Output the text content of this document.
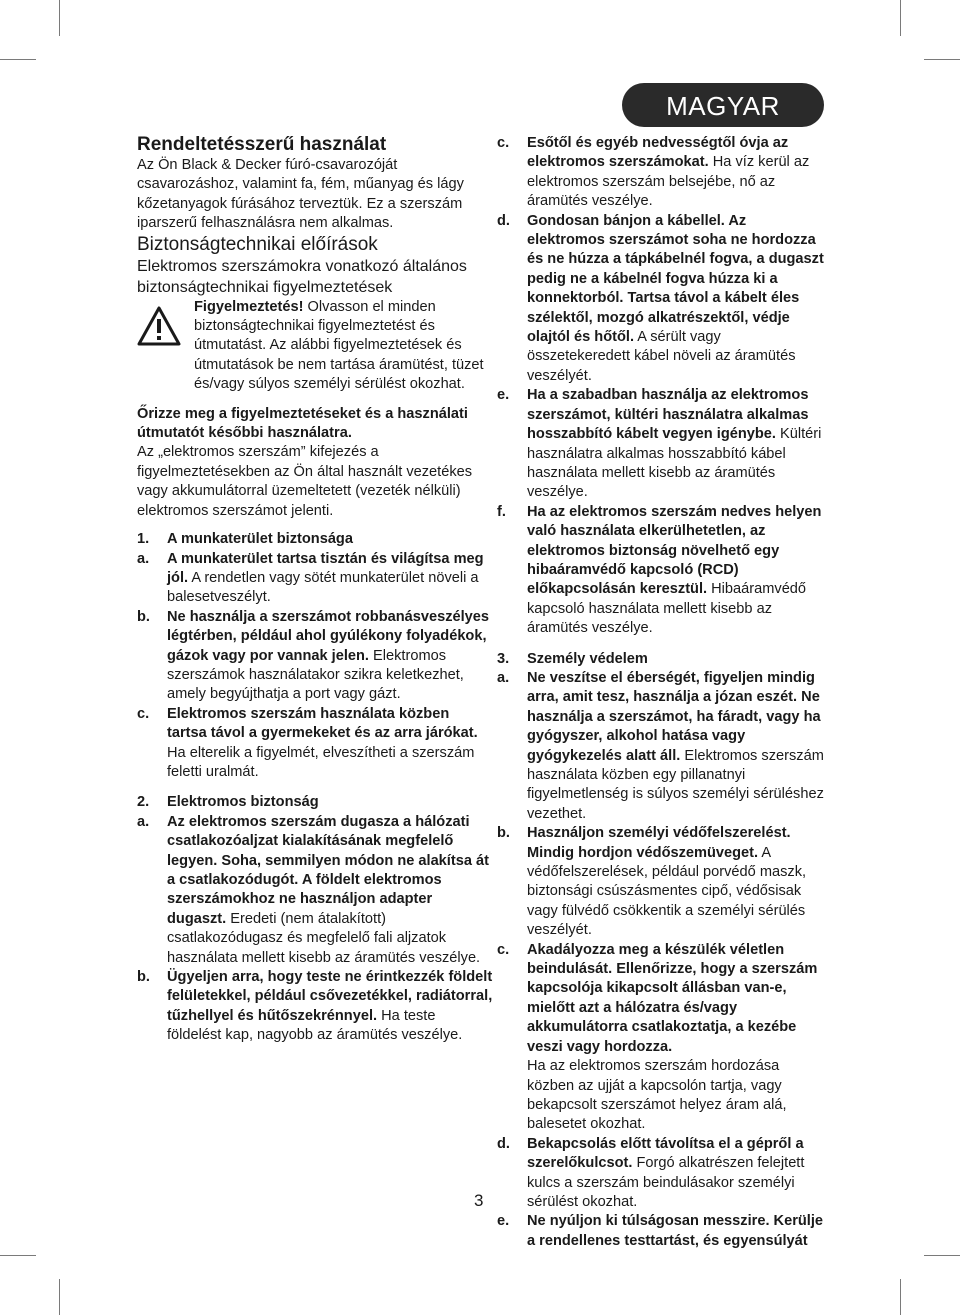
MAGYAR

Rendeltetésszerű használat

Az Ön Black & Decker fúró-csavarozóját csavarozáshoz, valamint fa, fém, műanyag és lágy kőzetanyagok fúrásához terveztük. Ez a szerszám iparszerű felhasználásra nem alkalmas.

Biztonságtechnikai előírások

Elektromos szerszámokra vonatkozó általános biztonságtechnikai figyelmeztetések

Figyelmeztetés! Olvasson el minden biztonságtechnikai figyelmeztetést és útmutatást. Az alábbi figyelmeztetések és útmutatások be nem tartása áramütést, tüzet és/vagy súlyos személyi sérülést okozhat.

Őrizze meg a figyelmeztetéseket és a használati útmutatót későbbi használatra.

Az „elektromos szerszám” kifejezés a figyelmeztetésekben az Ön által használt vezetékes vagy akkumulátorral üzemeltetett (vezeték nélküli) elektromos szerszámot jelenti.

1. A munkaterület biztonsága
a. A munkaterület tartsa tisztán és világítsa meg jól. A rendetlen vagy sötét munkaterület növeli a balesetveszélyt.
b. Ne használja a szerszámot robbanásveszélyes légtérben, például ahol gyúlékony folyadékok, gázok vagy por vannak jelen. Elektromos szerszámok használatakor szikra keletkezhet, amely begyújthatja a port vagy gázt.
c. Elektromos szerszám használata közben tartsa távol a gyermekeket és az arra járókat. Ha elterelik a figyelmét, elveszítheti a szerszám feletti uralmát.
2. Elektromos biztonság
a. Az elektromos szerszám dugasza a hálózati csatlakozóaljzat kialakításának megfelelő legyen. Soha, semmilyen módon ne alakítsa át a csatlakozódugót. A földelt elektromos szerszámokhoz ne használjon adapter dugaszt. Eredeti (nem átalakított) csatlakozódugasz és megfelelő fali aljzatok használata mellett kisebb az áramütés veszélye.
b. Ügyeljen arra, hogy teste ne érintkezzék földelt felületekkel, például csővezetékkel, radiátorral, tűzhellyel és hűtőszekrénnyel. Ha teste földelést kap, nagyobb az áramütés veszélye.
c. Esőtől és egyéb nedvességtől óvja az elektromos szerszámokat. Ha víz kerül az elektromos szerszám belsejébe, nő az áramütés veszélye.
d. Gondosan bánjon a kábellel. Az elektromos szerszámot soha ne hordozza és ne húzza a tápkábelnél fogva, a dugaszt pedig ne a kábelnél fogva húzza ki a konnektorból. Tartsa távol a kábelt éles szélektől, mozgó alkatrészektől, védje olajtól és hőtől. A sérült vagy összetekeredett kábel növeli az áramütés veszélyét.
e. Ha a szabadban használja az elektromos szerszámot, kültéri használatra alkalmas hosszabbító kábelt vegyen igénybe. Kültéri használatra alkalmas hosszabbító kábel használata mellett kisebb az áramütés veszélye.
f. Ha az elektromos szerszám nedves helyen való használata elkerülhetetlen, az elektromos biztonság növelhető egy hibaáramvédő kapcsoló (RCD) előkapcsolásán keresztül. Hibaáramvédő kapcsoló használata mellett kisebb az áramütés veszélye.
3. Személy védelem
a. Ne veszítse el éberségét, figyeljen mindig arra, amit tesz, használja a józan eszét. Ne használja a szerszámot, ha fáradt, vagy ha gyógyszer, alkohol hatása vagy gyógykezelés alatt áll. Elektromos szerszám használata közben egy pillanatnyi figyelmetlenség is súlyos személyi sérüléshez vezethet.
b. Használjon személyi védőfelszerelést. Mindig hordjon védőszemüveget. A védőfelszerelések, például porvédő maszk, biztonsági csúszásmentes cipő, védősisak vagy fülvédő csökkentik a személyi sérülés veszélyét.
c. Akadályozza meg a készülék véletlen beindulását. Ellenőrizze, hogy a szerszám kapcsolója kikapcsolt állásban van-e, mielőtt azt a hálózatra és/vagy akkumulátorra csatlakoztatja, a kezébe veszi vagy hordozza.
Ha az elektromos szerszám hordozása közben az ujját a kapcsolón tartja, vagy bekapcsolt szerszámot helyez áram alá, balesetet okozhat.
d. Bekapcsolás előtt távolítsa el a gépről a szerelőkulcsot. Forgó alkatrészen felejtett kulcs a szerszám beindulásakor személyi sérülést okozhat.
e. Ne nyúljon ki túlságosan messzire. Kerülje a rendellenes testtartást, és egyensúlyát
3
